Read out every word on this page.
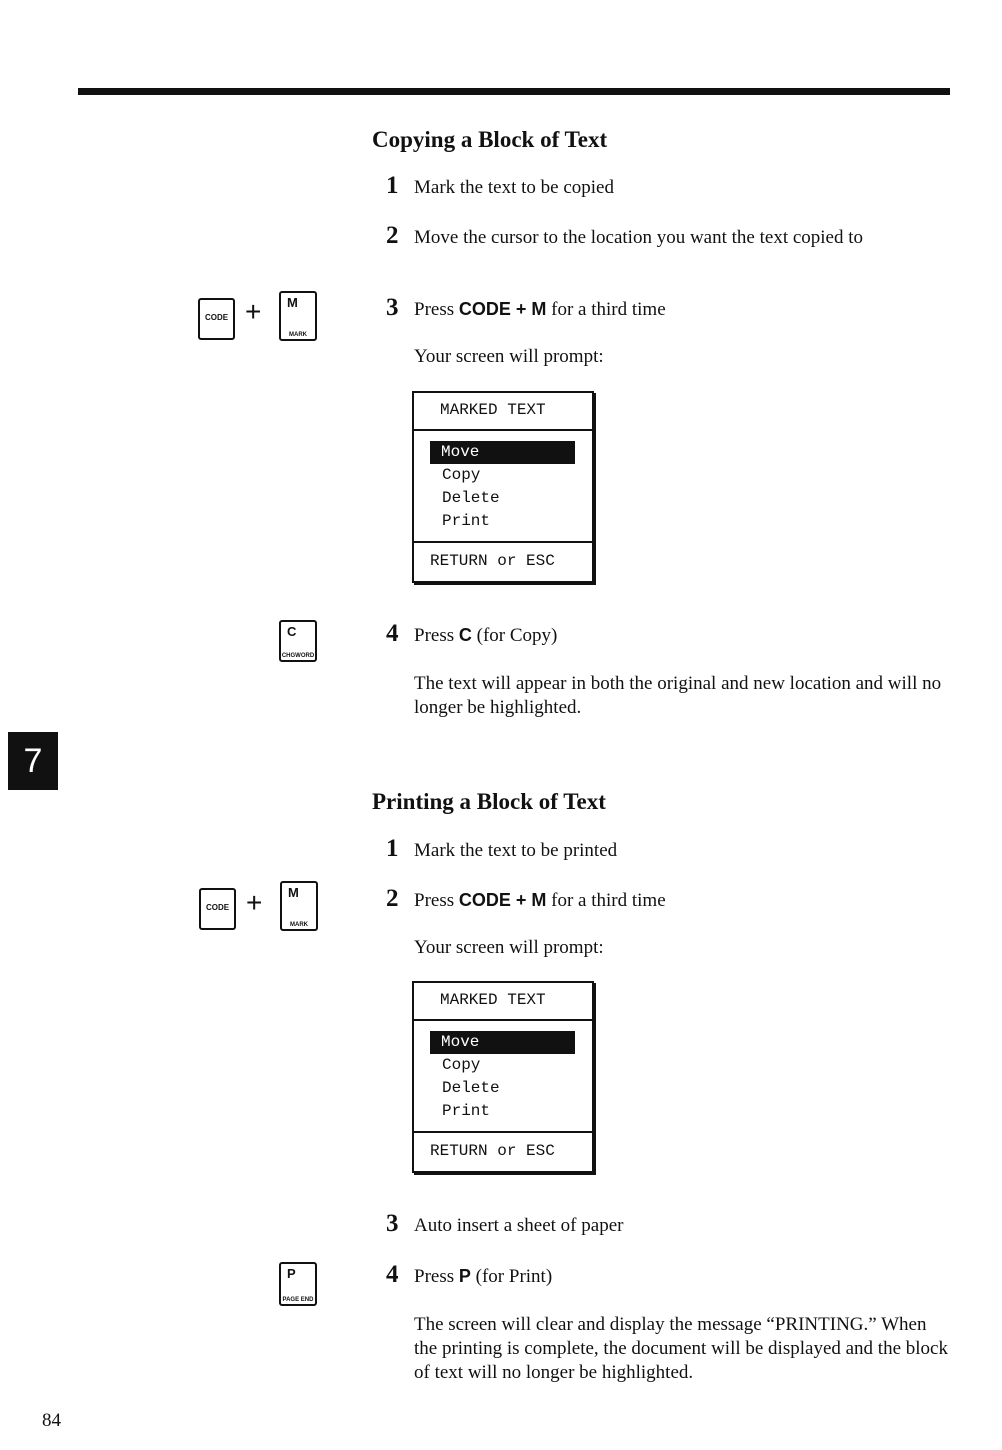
Copying a Block of Text
1 Mark the text to be copied
2 Move the cursor to the location you want the text copied to
CODE + M
MARK
3 Press CODE + M for a third time
Your screen will prompt:
MARKED TEXT
Move
Copy
Delete
Print
RETURN or ESC
C
CHGWORD
4 Press C (for Copy)
The text will appear in both the original and new location and will no longer be highlighted.
7
Printing a Block of Text
1 Mark the text to be printed
CODE + M
MARK
2 Press CODE + M for a third time
Your screen will prompt:
MARKED TEXT
Move
Copy
Delete
Print
RETURN or ESC
3 Auto insert a sheet of paper
P
PAGE END
4 Press P (for Print)
The screen will clear and display the message “PRINTING.” When the printing is complete, the document will be displayed and the block of text will no longer be highlighted.
84
